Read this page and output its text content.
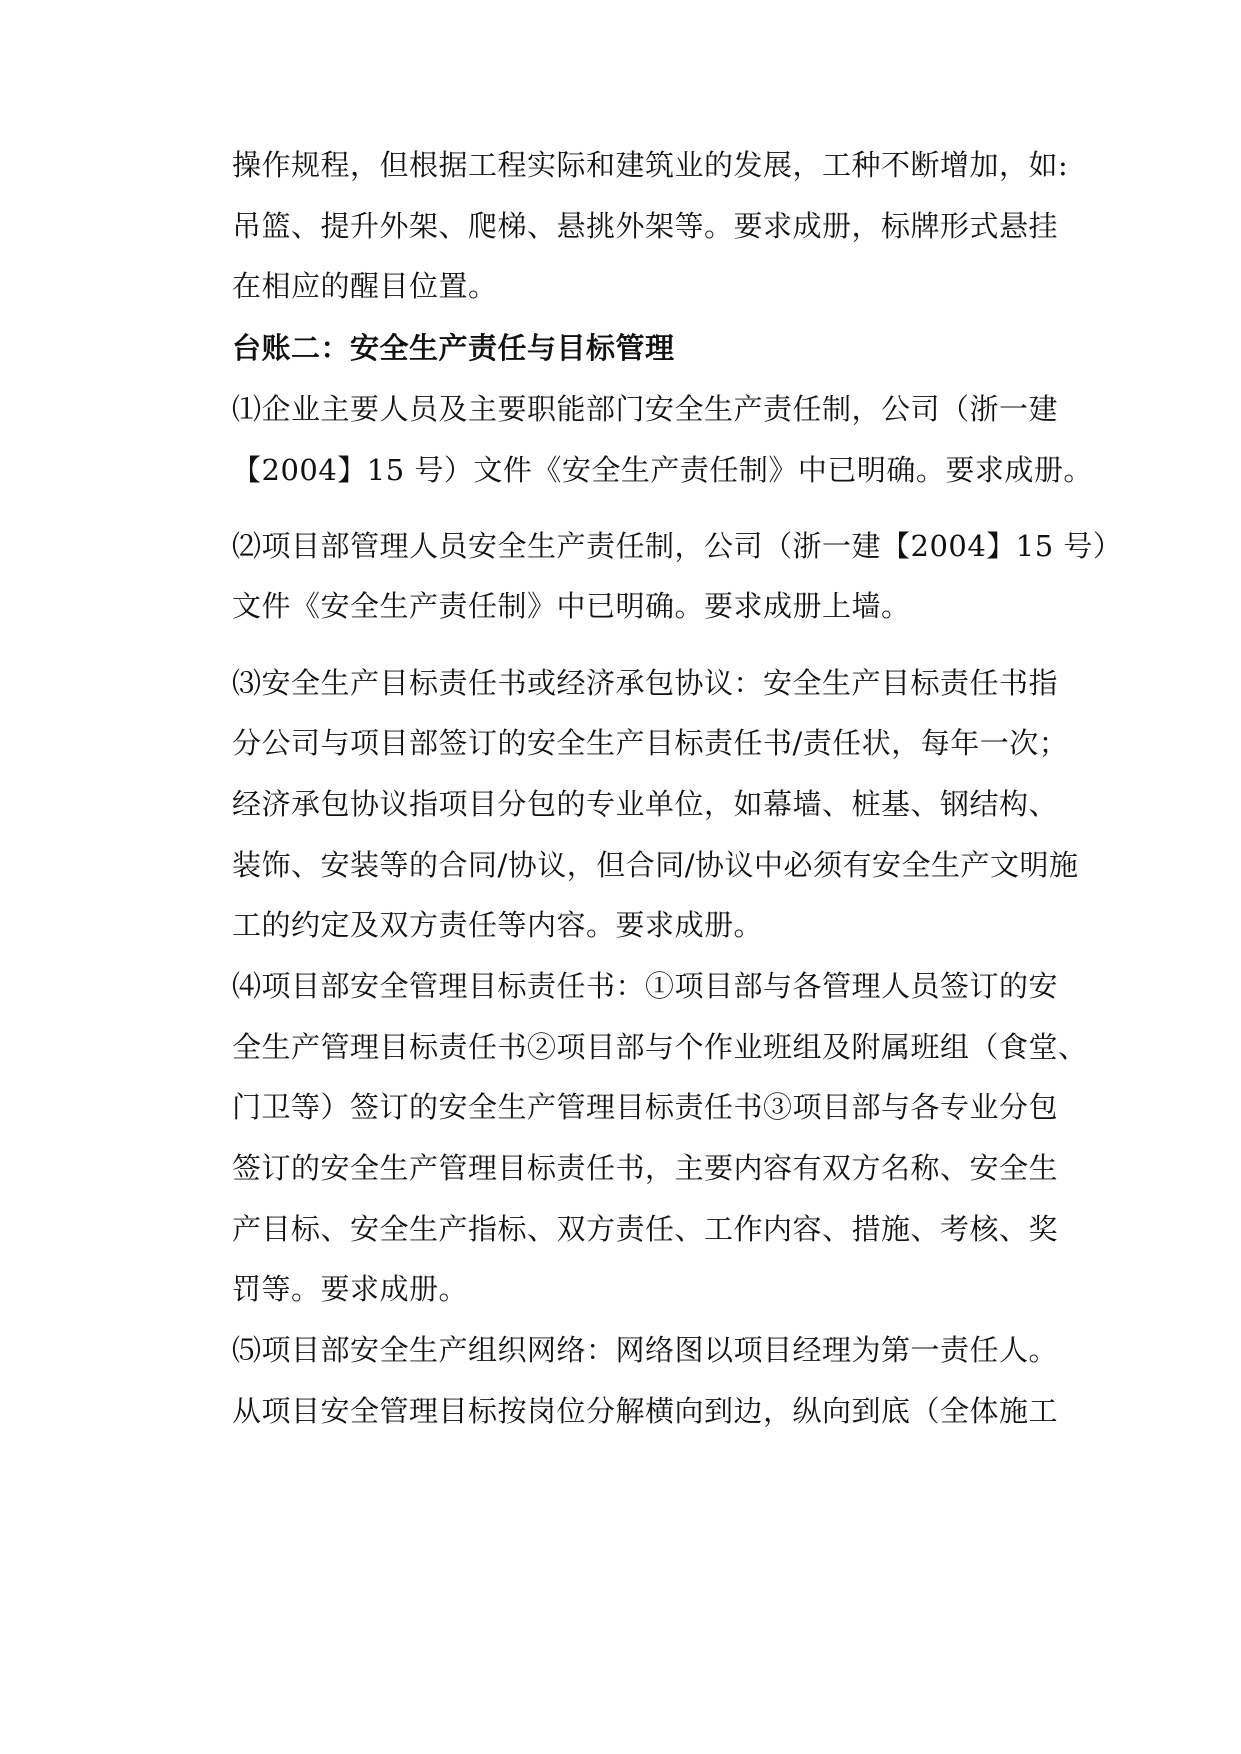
操作规程，但根据工程实际和建筑业的发展，工种不断增加，如:
吊篮、提升外架、爬梯、悬挑外架等。要求成册，标牌形式悬挂
在相应的醒目位置。
台账二：安全生产责任与目标管理
⑴企业主要人员及主要职能部门安全生产责任制，公司（浙一建
【2004】15 号）文件《安全生产责任制》中已明确。要求成册。
⑵项目部管理人员安全生产责任制，公司（浙一建【2004】15 号）
文件《安全生产责任制》中已明确。要求成册上墙。
⑶安全生产目标责任书或经济承包协议：安全生产目标责任书指
分公司与项目部签订的安全生产目标责任书/责任状，每年一次；
经济承包协议指项目分包的专业单位，如幕墙、桩基、钢结构、
装饰、安装等的合同/协议，但合同/协议中必须有安全生产文明施
工的约定及双方责任等内容。要求成册。
⑷项目部安全管理目标责任书：①项目部与各管理人员签订的安
全生产管理目标责任书②项目部与个作业班组及附属班组（食堂、
门卫等）签订的安全生产管理目标责任书③项目部与各专业分包
签订的安全生产管理目标责任书，主要内容有双方名称、安全生
产目标、安全生产指标、双方责任、工作内容、措施、考核、奖
罚等。要求成册。
⑸项目部安全生产组织网络：网络图以项目经理为第一责任人。
从项目安全管理目标按岗位分解横向到边，纵向到底（全体施工
